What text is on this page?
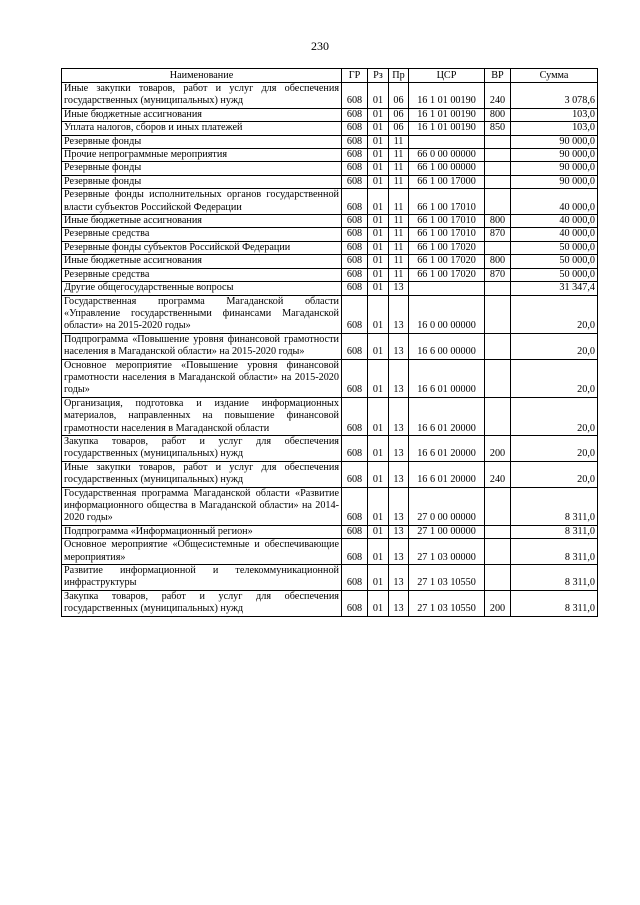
230
Наименование	ГР	Рз	Пр	ЦСР	ВР	Сумма
Иные закупки товаров, работ и услуг для обеспечения государственных (муниципальных) нужд	608	01	06	16 1 01 00190	240	3 078,6
Иные бюджетные ассигнования	608	01	06	16 1 01 00190	800	103,0
Уплата налогов, сборов и иных платежей	608	01	06	16 1 01 00190	850	103,0
Резервные фонды	608	01	11			90 000,0
Прочие непрограммные мероприятия	608	01	11	66 0 00 00000		90 000,0
Резервные фонды	608	01	11	66 1 00 00000		90 000,0
Резервные фонды	608	01	11	66 1 00 17000		90 000,0
Резервные фонды исполнительных органов государственной власти субъектов Российской Федерации	608	01	11	66 1 00 17010		40 000,0
Иные бюджетные ассигнования	608	01	11	66 1 00 17010	800	40 000,0
Резервные средства	608	01	11	66 1 00 17010	870	40 000,0
Резервные фонды субъектов Российской Федерации	608	01	11	66 1 00 17020		50 000,0
Иные бюджетные ассигнования	608	01	11	66 1 00 17020	800	50 000,0
Резервные средства	608	01	11	66 1 00 17020	870	50 000,0
Другие общегосударственные вопросы	608	01	13			31 347,4
Государственная программа Магаданской области «Управление государственными финансами Магаданской области» на 2015-2020 годы»	608	01	13	16 0 00 00000		20,0
Подпрограмма «Повышение уровня финансовой грамотности населения в Магаданской области» на 2015-2020 годы»	608	01	13	16 6 00 00000		20,0
Основное мероприятие «Повышение уровня финансовой грамотности населения в Магаданской области» на 2015-2020 годы»	608	01	13	16 6 01 00000		20,0
Организация, подготовка и издание информационных материалов, направленных на повышение финансовой грамотности населения в Магаданской области	608	01	13	16 6 01 20000		20,0
Закупка товаров, работ и услуг для обеспечения государственных (муниципальных) нужд	608	01	13	16 6 01 20000	200	20,0
Иные закупки товаров, работ и услуг для обеспечения государственных (муниципальных) нужд	608	01	13	16 6 01 20000	240	20,0
Государственная программа Магаданской области «Развитие информационного общества в Магаданской области» на 2014-2020 годы»	608	01	13	27 0 00 00000		8 311,0
Подпрограмма «Информационный регион»	608	01	13	27 1 00 00000		8 311,0
Основное мероприятие «Общесистемные и обеспечивающие мероприятия»	608	01	13	27 1 03 00000		8 311,0
Развитие информационной и телекоммуникационной инфраструктуры	608	01	13	27 1 03 10550		8 311,0
Закупка товаров, работ и услуг для обеспечения государственных (муниципальных) нужд	608	01	13	27 1 03 10550	200	8 311,0
